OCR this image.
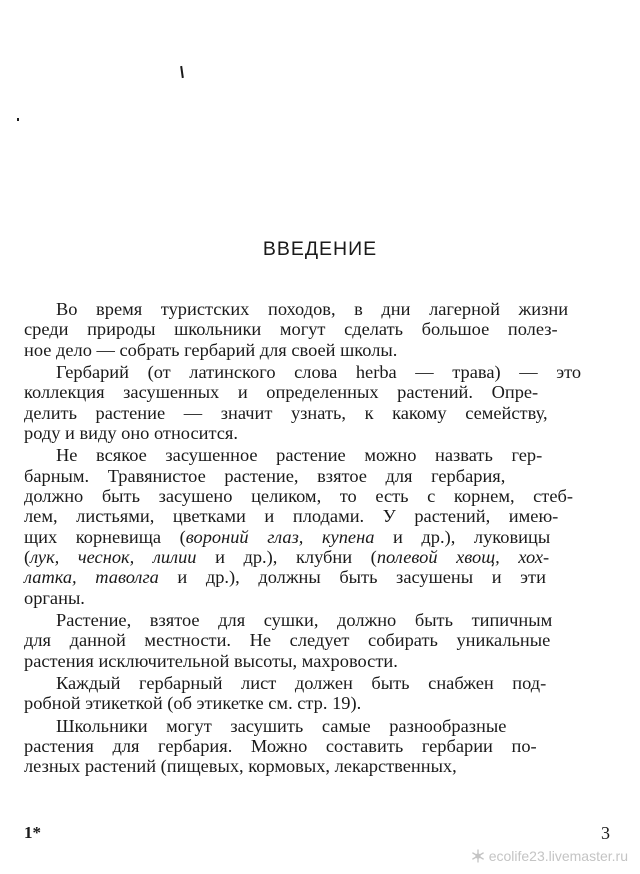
ВВЕДЕНИЕ
Во время туристских походов, в дни лагерной жизни
среди природы школьники могут сделать большое полез-
ное дело — собрать гербарий для своей школы.
Гербарий (от латинского слова herba — трава) — это
коллекция засушенных и определенных растений. Опре-
делить растение — значит узнать, к какому семейству,
роду и виду оно относится.
Не всякое засушенное растение можно назвать гер-
барным. Травянистое растение, взятое для гербария,
должно быть засушено целиком, то есть с корнем, стеб-
лем, листьями, цветками и плодами. У растений, имею-
щих корневища (вороний глаз, купена и др.), луковицы
(лук, чеснок, лилии и др.), клубни (полевой хвощ, хох-
латка, таволга и др.), должны быть засушены и эти
органы.
Растение, взятое для сушки, должно быть типичным
для данной местности. Не следует собирать уникальные
растения исключительной высоты, махровости.
Каждый гербарный лист должен быть снабжен под-
робной этикеткой (об этикетке см. стр. 19).
Школьники могут засушить самые разнообразные
растения для гербария. Можно составить гербарии по-
лезных растений (пищевых, кормовых, лекарственных,
1*	3
ecolife23.livemaster.ru
